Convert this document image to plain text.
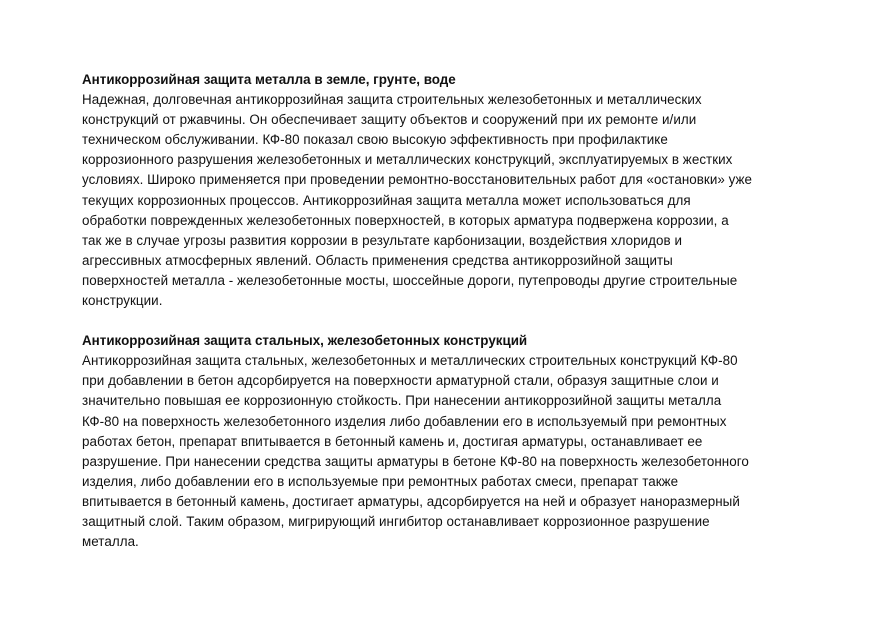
Антикоррозийная защита металла в земле, грунте, воде

Надежная, долговечная антикоррозийная защита строительных железобетонных и металлических

конструкций от ржавчины. Он обеспечивает защиту объектов и сооружений при их ремонте и/или

техническом обслуживании. КФ-80 показал свою высокую эффективность при профилактике

коррозионного разрушения железобетонных и металлических конструкций, эксплуатируемых в жестких

условиях. Широко применяется при проведении ремонтно-восстановительных работ для «остановки» уже

текущих коррозионных процессов. Антикоррозийная защита металла может использоваться для

обработки поврежденных железобетонных поверхностей, в которых арматура подвержена коррозии, а

так же в случае угрозы развития коррозии в результате карбонизации, воздействия хлоридов и

агрессивных атмосферных явлений. Область применения средства антикоррозийной защиты

поверхностей металла - железобетонные мосты, шоссейные дороги, путепроводы другие строительные

конструкции.

Антикоррозийная защита стальных, железобетонных конструкций

Антикоррозийная защита стальных, железобетонных и металлических строительных конструкций КФ-80

при добавлении в бетон адсорбируется на поверхности арматурной стали, образуя защитные слои и

значительно повышая ее коррозионную стойкость. При нанесении антикоррозийной защиты металла

КФ-80 на поверхность железобетонного изделия либо добавлении его в используемый при ремонтных

работах бетон, препарат впитывается в бетонный камень и, достигая арматуры, останавливает ее

разрушение. При нанесении средства защиты арматуры в бетоне КФ-80 на поверхность железобетонного

изделия, либо добавлении его в используемые при ремонтных работах смеси, препарат также

впитывается в бетонный камень, достигает арматуры, адсорбируется на ней и образует наноразмерный

защитный слой. Таким образом, мигрирующий ингибитор останавливает коррозионное разрушение

металла.
